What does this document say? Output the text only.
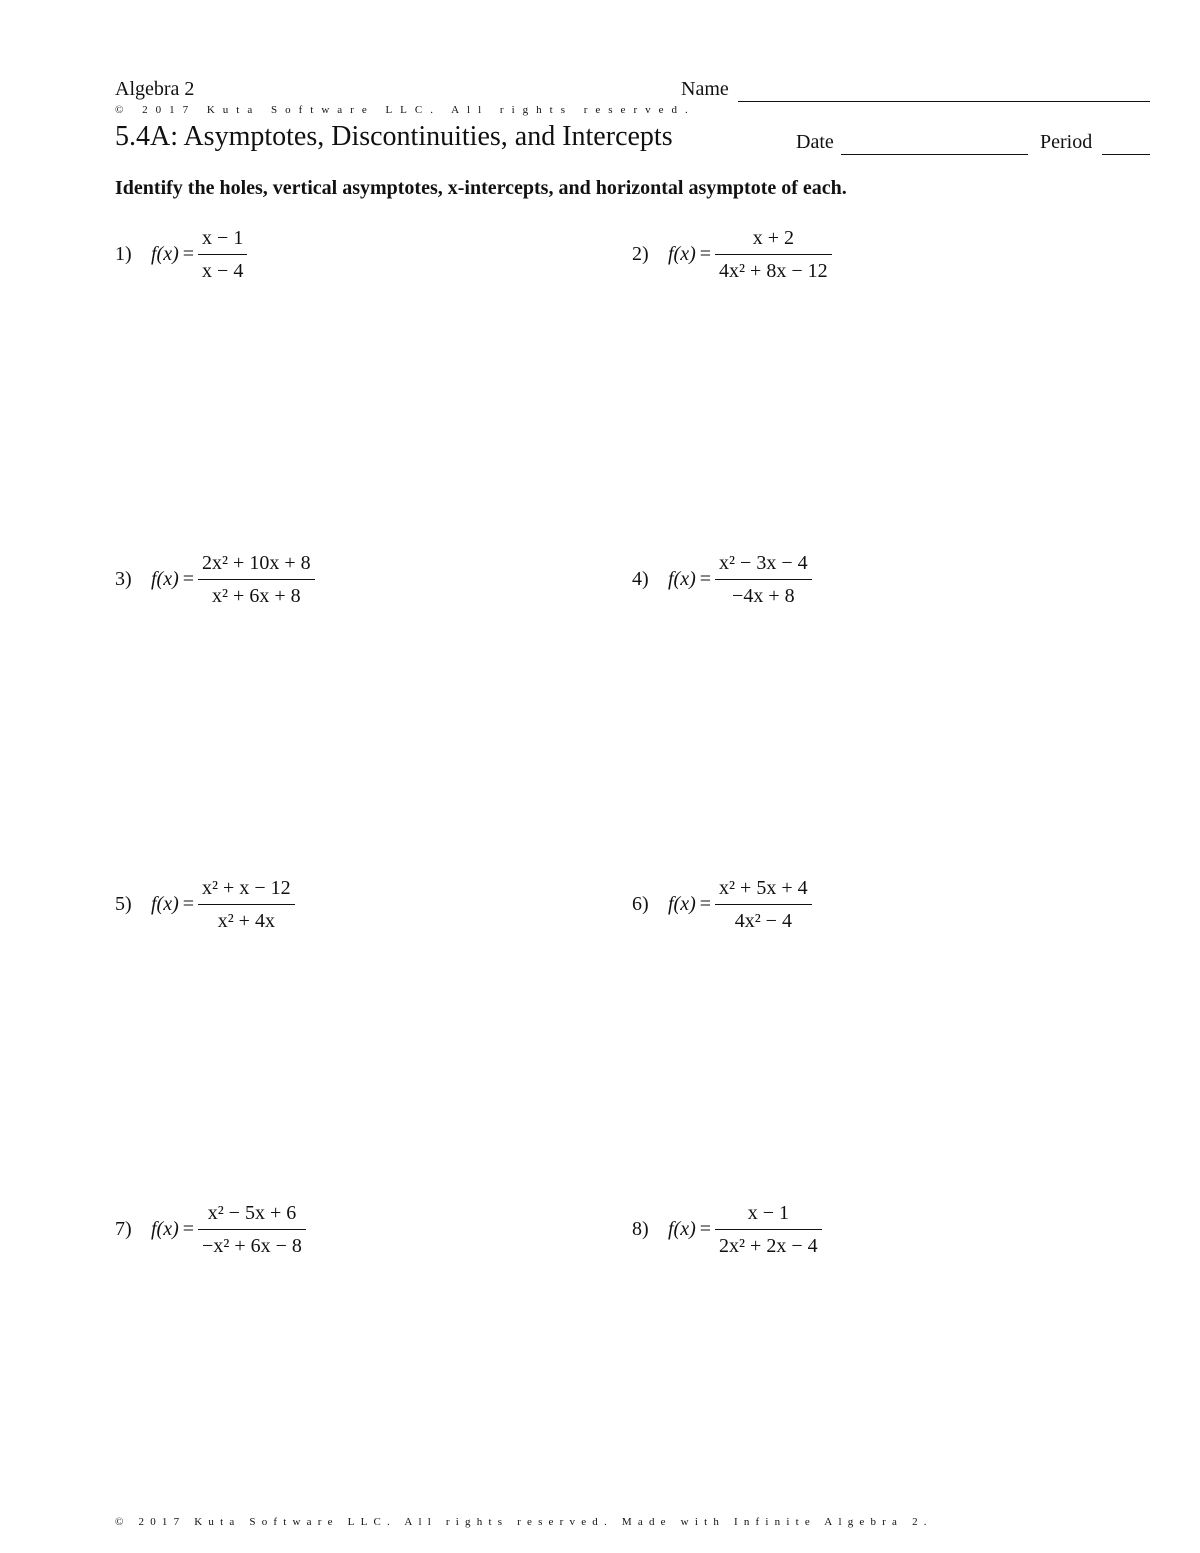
Algebra 2	Name
© 2017 Kuta Software LLC. All rights reserved.
5.4A: Asymptotes, Discontinuities, and Intercepts	Date	Period
Identify the holes, vertical asymptotes, x-intercepts, and horizontal asymptote of each.
1) $f(x) = \frac{x - 1}{x - 4}$	2) $f(x) = \frac{x + 2}{\text{4x² + 8x − 12}}$
3) $f(x) = \frac{\text{2x² + 10x + 8}}{\text{x² + 6x + 8}}$	4) $f(x) = \frac{\text{x² − 3x − 4}}{-4x + 8}$
5) $f(x) = \frac{\text{x² + x − 12}}{\text{x² + 4x}}$	6) $f(x) = \frac{\text{x² + 5x + 4}}{\text{4x² − 4}}$
7) $f(x) = \frac{\text{x² − 5x + 6}}{\text{−x² + 6x − 8}}$	8) $f(x) = \frac{x - 1}{\text{2x² + 2x − 4}}$
© 2017 Kuta Software LLC. All rights reserved. Made with Infinite Algebra 2.
